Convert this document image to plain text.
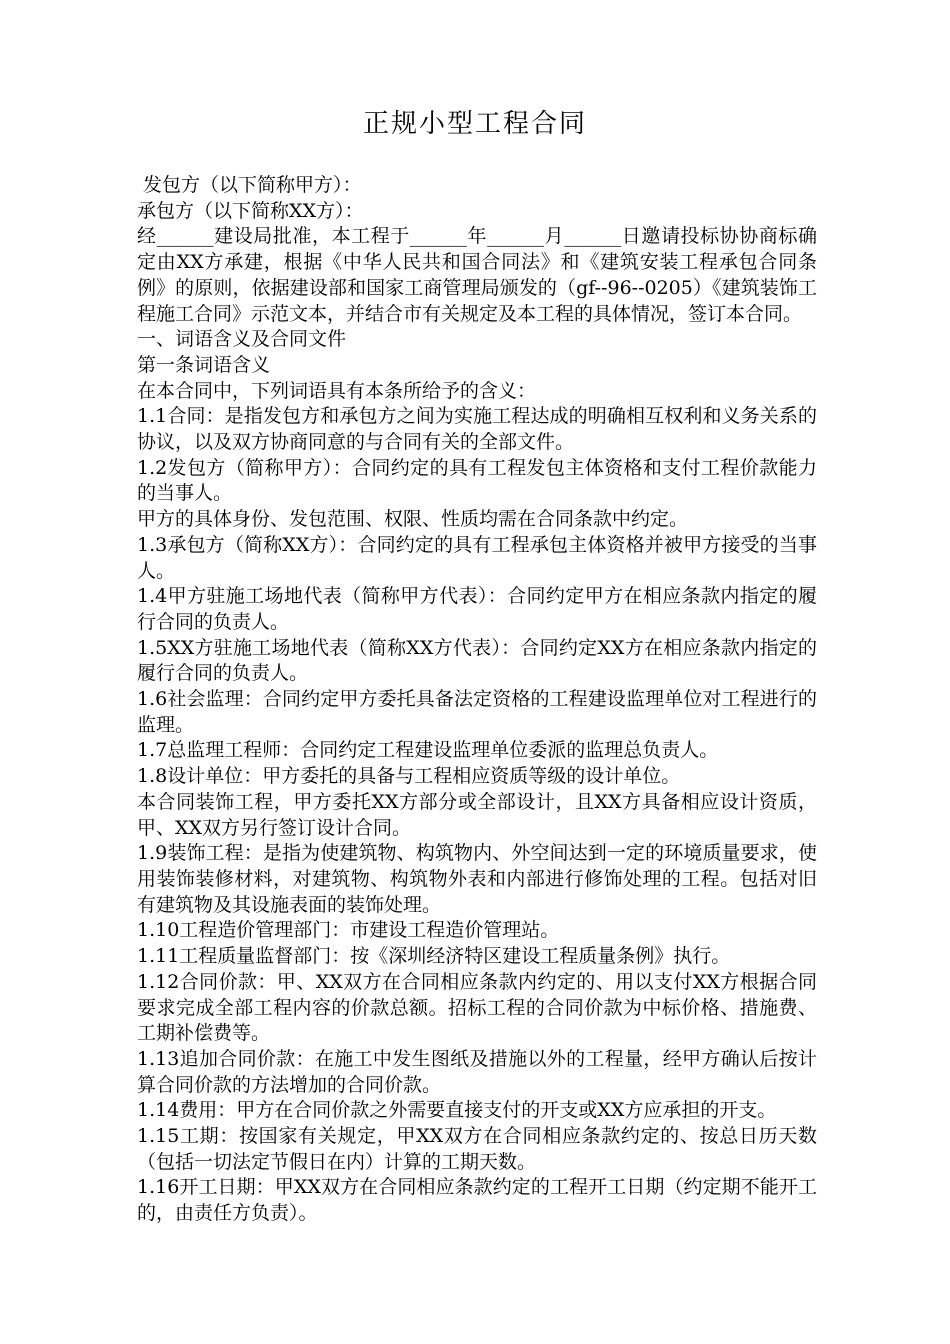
正规小型工程合同

发包方（以下简称甲方）：

承包方（以下简称XX方）：

经______建设局批准，本工程于______年______月______日邀请投标协协商标确定由XX方承建，根据《中华人民共和国合同法》和《建筑安装工程承包合同条例》的原则，依据建设部和国家工商管理局颁发的（gf--96--0205）《建筑装饰工程施工合同》示范文本，并结合市有关规定及本工程的具体情况，签订本合同。

一、词语含义及合同文件

第一条词语含义

在本合同中，下列词语具有本条所给予的含义：

1.1合同：是指发包方和承包方之间为实施工程达成的明确相互权利和义务关系的协议，以及双方协商同意的与合同有关的全部文件。

1.2发包方（简称甲方）：合同约定的具有工程发包主体资格和支付工程价款能力的当事人。

甲方的具体身份、发包范围、权限、性质均需在合同条款中约定。

1.3承包方（简称XX方）：合同约定的具有工程承包主体资格并被甲方接受的当事人。

1.4甲方驻施工场地代表（简称甲方代表）：合同约定甲方在相应条款内指定的履行合同的负责人。

1.5XX方驻施工场地代表（简称XX方代表）：合同约定XX方在相应条款内指定的履行合同的负责人。

1.6社会监理：合同约定甲方委托具备法定资格的工程建设监理单位对工程进行的监理。

1.7总监理工程师：合同约定工程建设监理单位委派的监理总负责人。

1.8设计单位：甲方委托的具备与工程相应资质等级的设计单位。

本合同装饰工程，甲方委托XX方部分或全部设计，且XX方具备相应设计资质，甲、XX双方另行签订设计合同。

1.9装饰工程：是指为使建筑物、构筑物内、外空间达到一定的环境质量要求，使用装饰装修材料，对建筑物、构筑物外表和内部进行修饰处理的工程。包括对旧有建筑物及其设施表面的装饰处理。

1.10工程造价管理部门：市建设工程造价管理站。

1.11工程质量监督部门：按《深圳经济特区建设工程质量条例》执行。

1.12合同价款：甲、XX双方在合同相应条款内约定的、用以支付XX方根据合同要求完成全部工程内容的价款总额。招标工程的合同价款为中标价格、措施费、工期补偿费等。

1.13追加合同价款：在施工中发生图纸及措施以外的工程量，经甲方确认后按计算合同价款的方法增加的合同价款。

1.14费用：甲方在合同价款之外需要直接支付的开支或XX方应承担的开支。

1.15工期：按国家有关规定，甲XX双方在合同相应条款约定的、按总日历天数（包括一切法定节假日在内）计算的工期天数。

1.16开工日期：甲XX双方在合同相应条款约定的工程开工日期（约定期不能开工的，由责任方负责）。
